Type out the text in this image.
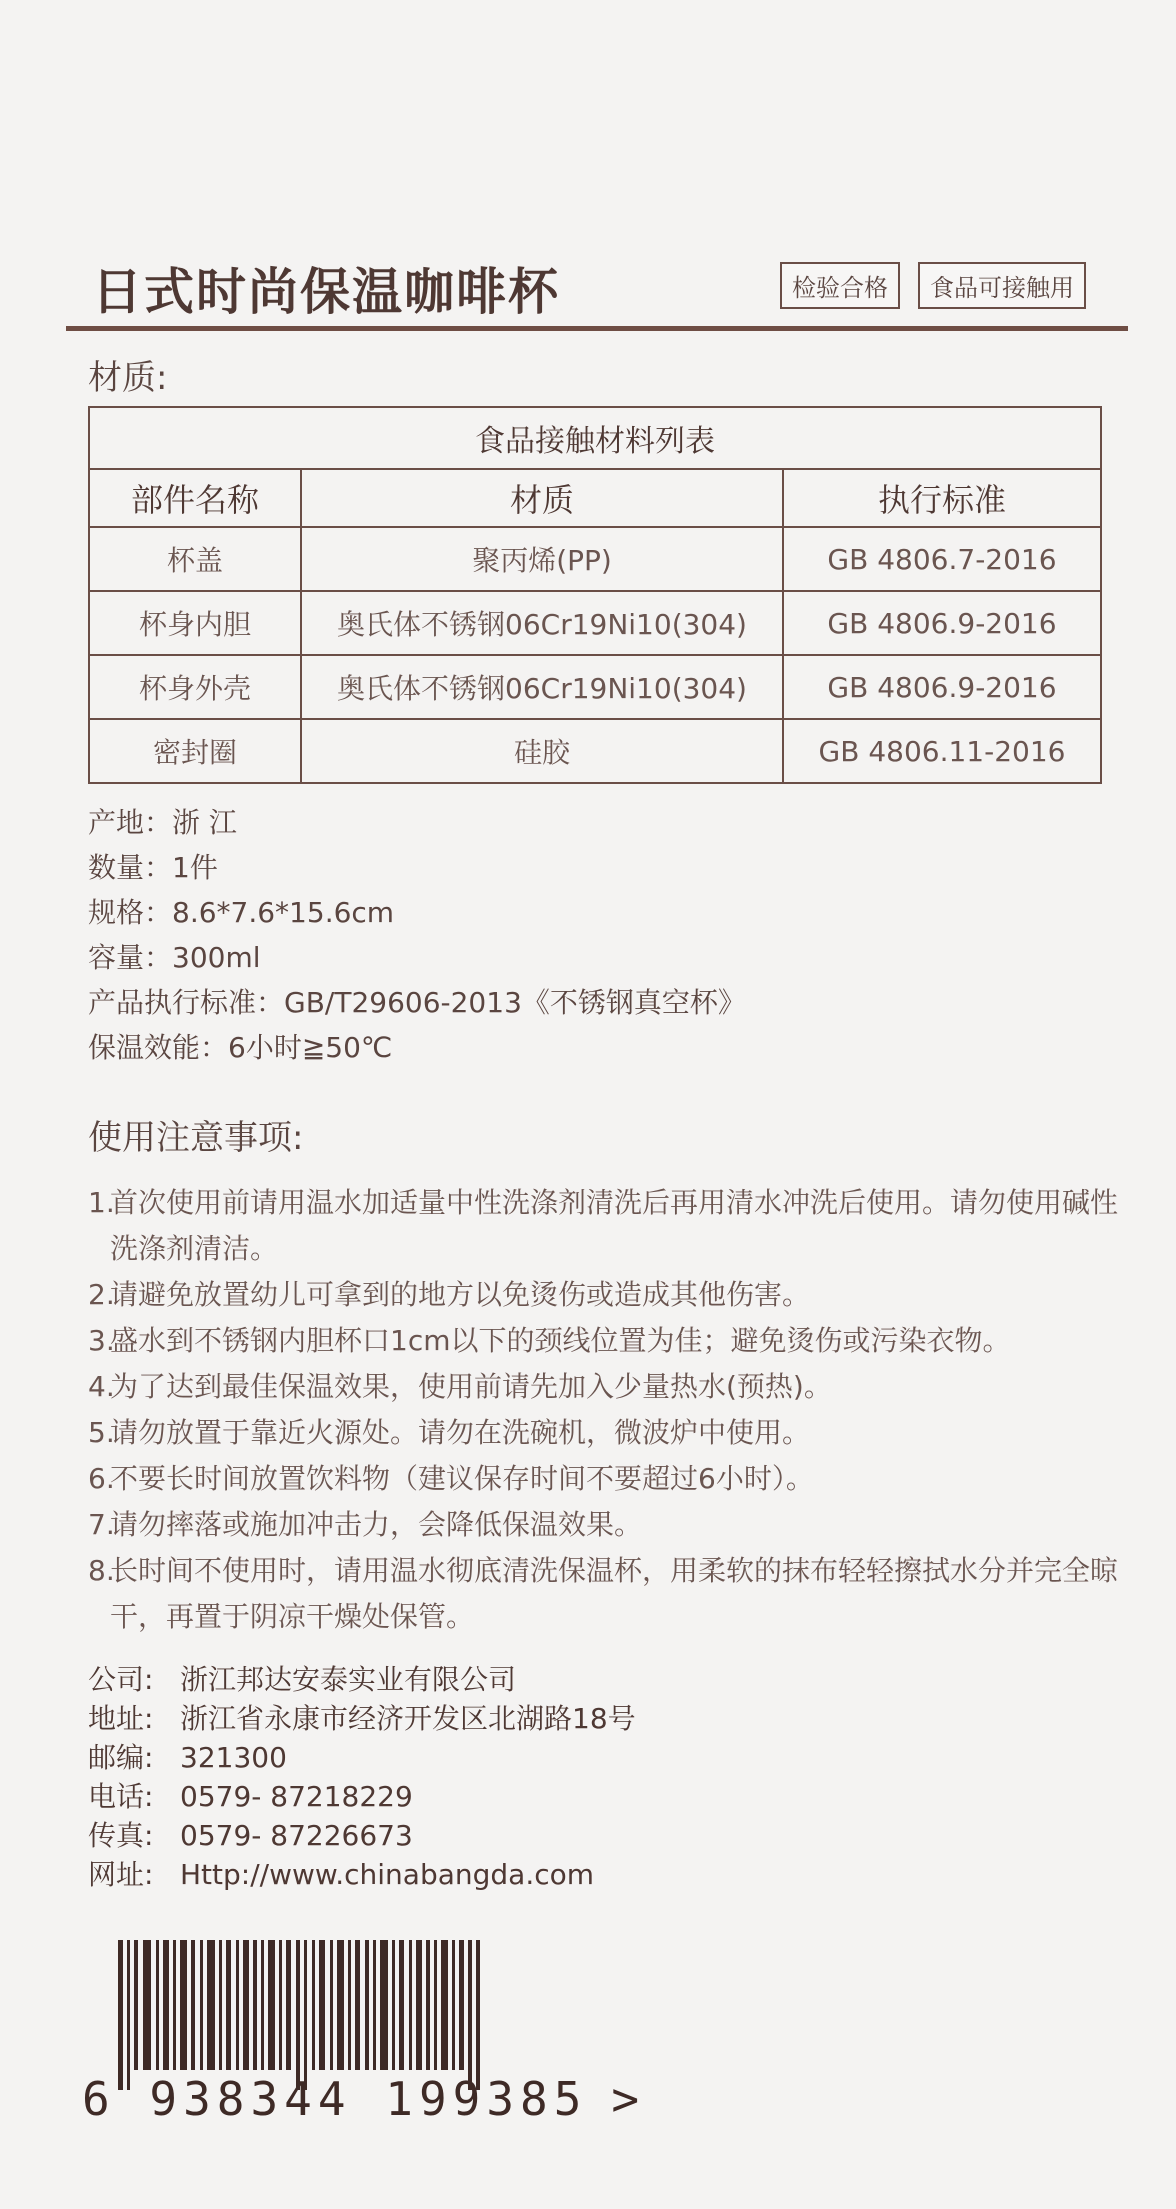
日式时尚保温咖啡杯	检验合格	食品可接触用
材质:
食品接触材料列表		
部件名称	材质	执行标准
杯盖	聚丙烯(PP)	GB 4806.7-2016
杯身内胆	奥氏体不锈钢06Cr19Ni10(304)	GB 4806.9-2016
杯身外壳	奥氏体不锈钢06Cr19Ni10(304)	GB 4806.9-2016
密封圈	硅胶	GB 4806.11-2016
产地：浙 江
数量：1件
规格：8.6*7.6*15.6cm
容量：300ml
产品执行标准：GB/T29606-2013《不锈钢真空杯》
保温效能：6小时≧50℃
使用注意事项:
1.
首次使用前请用温水加适量中性洗涤剂清洗后再用清水冲洗后使用。请勿使用碱性洗涤剂清洁。
2.
请避免放置幼儿可拿到的地方以免烫伤或造成其他伤害。
3.
盛水到不锈钢内胆杯口1cm以下的颈线位置为佳；避免烫伤或污染衣物。
4.
为了达到最佳保温效果，使用前请先加入少量热水(预热)。
5.
请勿放置于靠近火源处。请勿在洗碗机，微波炉中使用。
6.
不要长时间放置饮料物（建议保存时间不要超过6小时）。
7.
请勿摔落或施加冲击力，会降低保温效果。
8.
长时间不使用时，请用温水彻底清洗保温杯，用柔软的抹布轻轻擦拭水分并完全晾干，再置于阴凉干燥处保管。
公司: 浙江邦达安泰实业有限公司
地址: 浙江省永康市经济开发区北湖路18号
邮编: 321300
电话: 0579- 87218229
传真: 0579- 87226673
网址: Http://www.chinabangda.com
6 938344 199385 >
